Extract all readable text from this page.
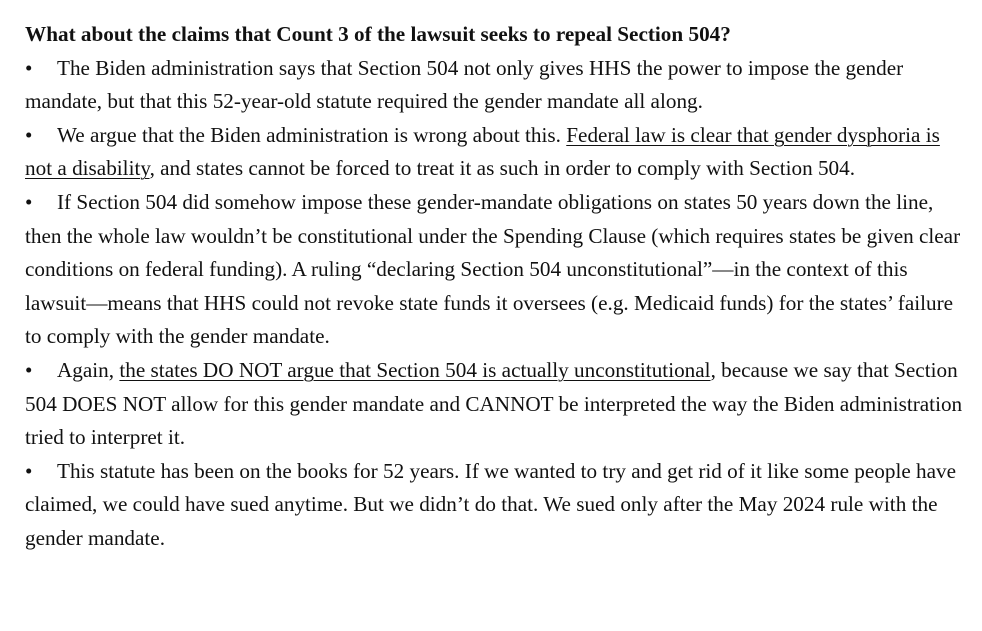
What about the claims that Count 3 of the lawsuit seeks to repeal Section 504?

• The Biden administration says that Section 504 not only gives HHS the power to impose the gender mandate, but that this 52-year-old statute required the gender mandate all along.

• We argue that the Biden administration is wrong about this. Federal law is clear that gender dysphoria is not a disability, and states cannot be forced to treat it as such in order to comply with Section 504.

• If Section 504 did somehow impose these gender-mandate obligations on states 50 years down the line, then the whole law wouldn’t be constitutional under the Spending Clause (which requires states be given clear conditions on federal funding). A ruling “declaring Section 504 unconstitutional”—in the context of this lawsuit—means that HHS could not revoke state funds it oversees (e.g. Medicaid funds) for the states’ failure to comply with the gender mandate.

• Again, the states DO NOT argue that Section 504 is actually unconstitutional, because we say that Section 504 DOES NOT allow for this gender mandate and CANNOT be interpreted the way the Biden administration tried to interpret it.

• This statute has been on the books for 52 years. If we wanted to try and get rid of it like some people have claimed, we could have sued anytime. But we didn’t do that. We sued only after the May 2024 rule with the gender mandate.
